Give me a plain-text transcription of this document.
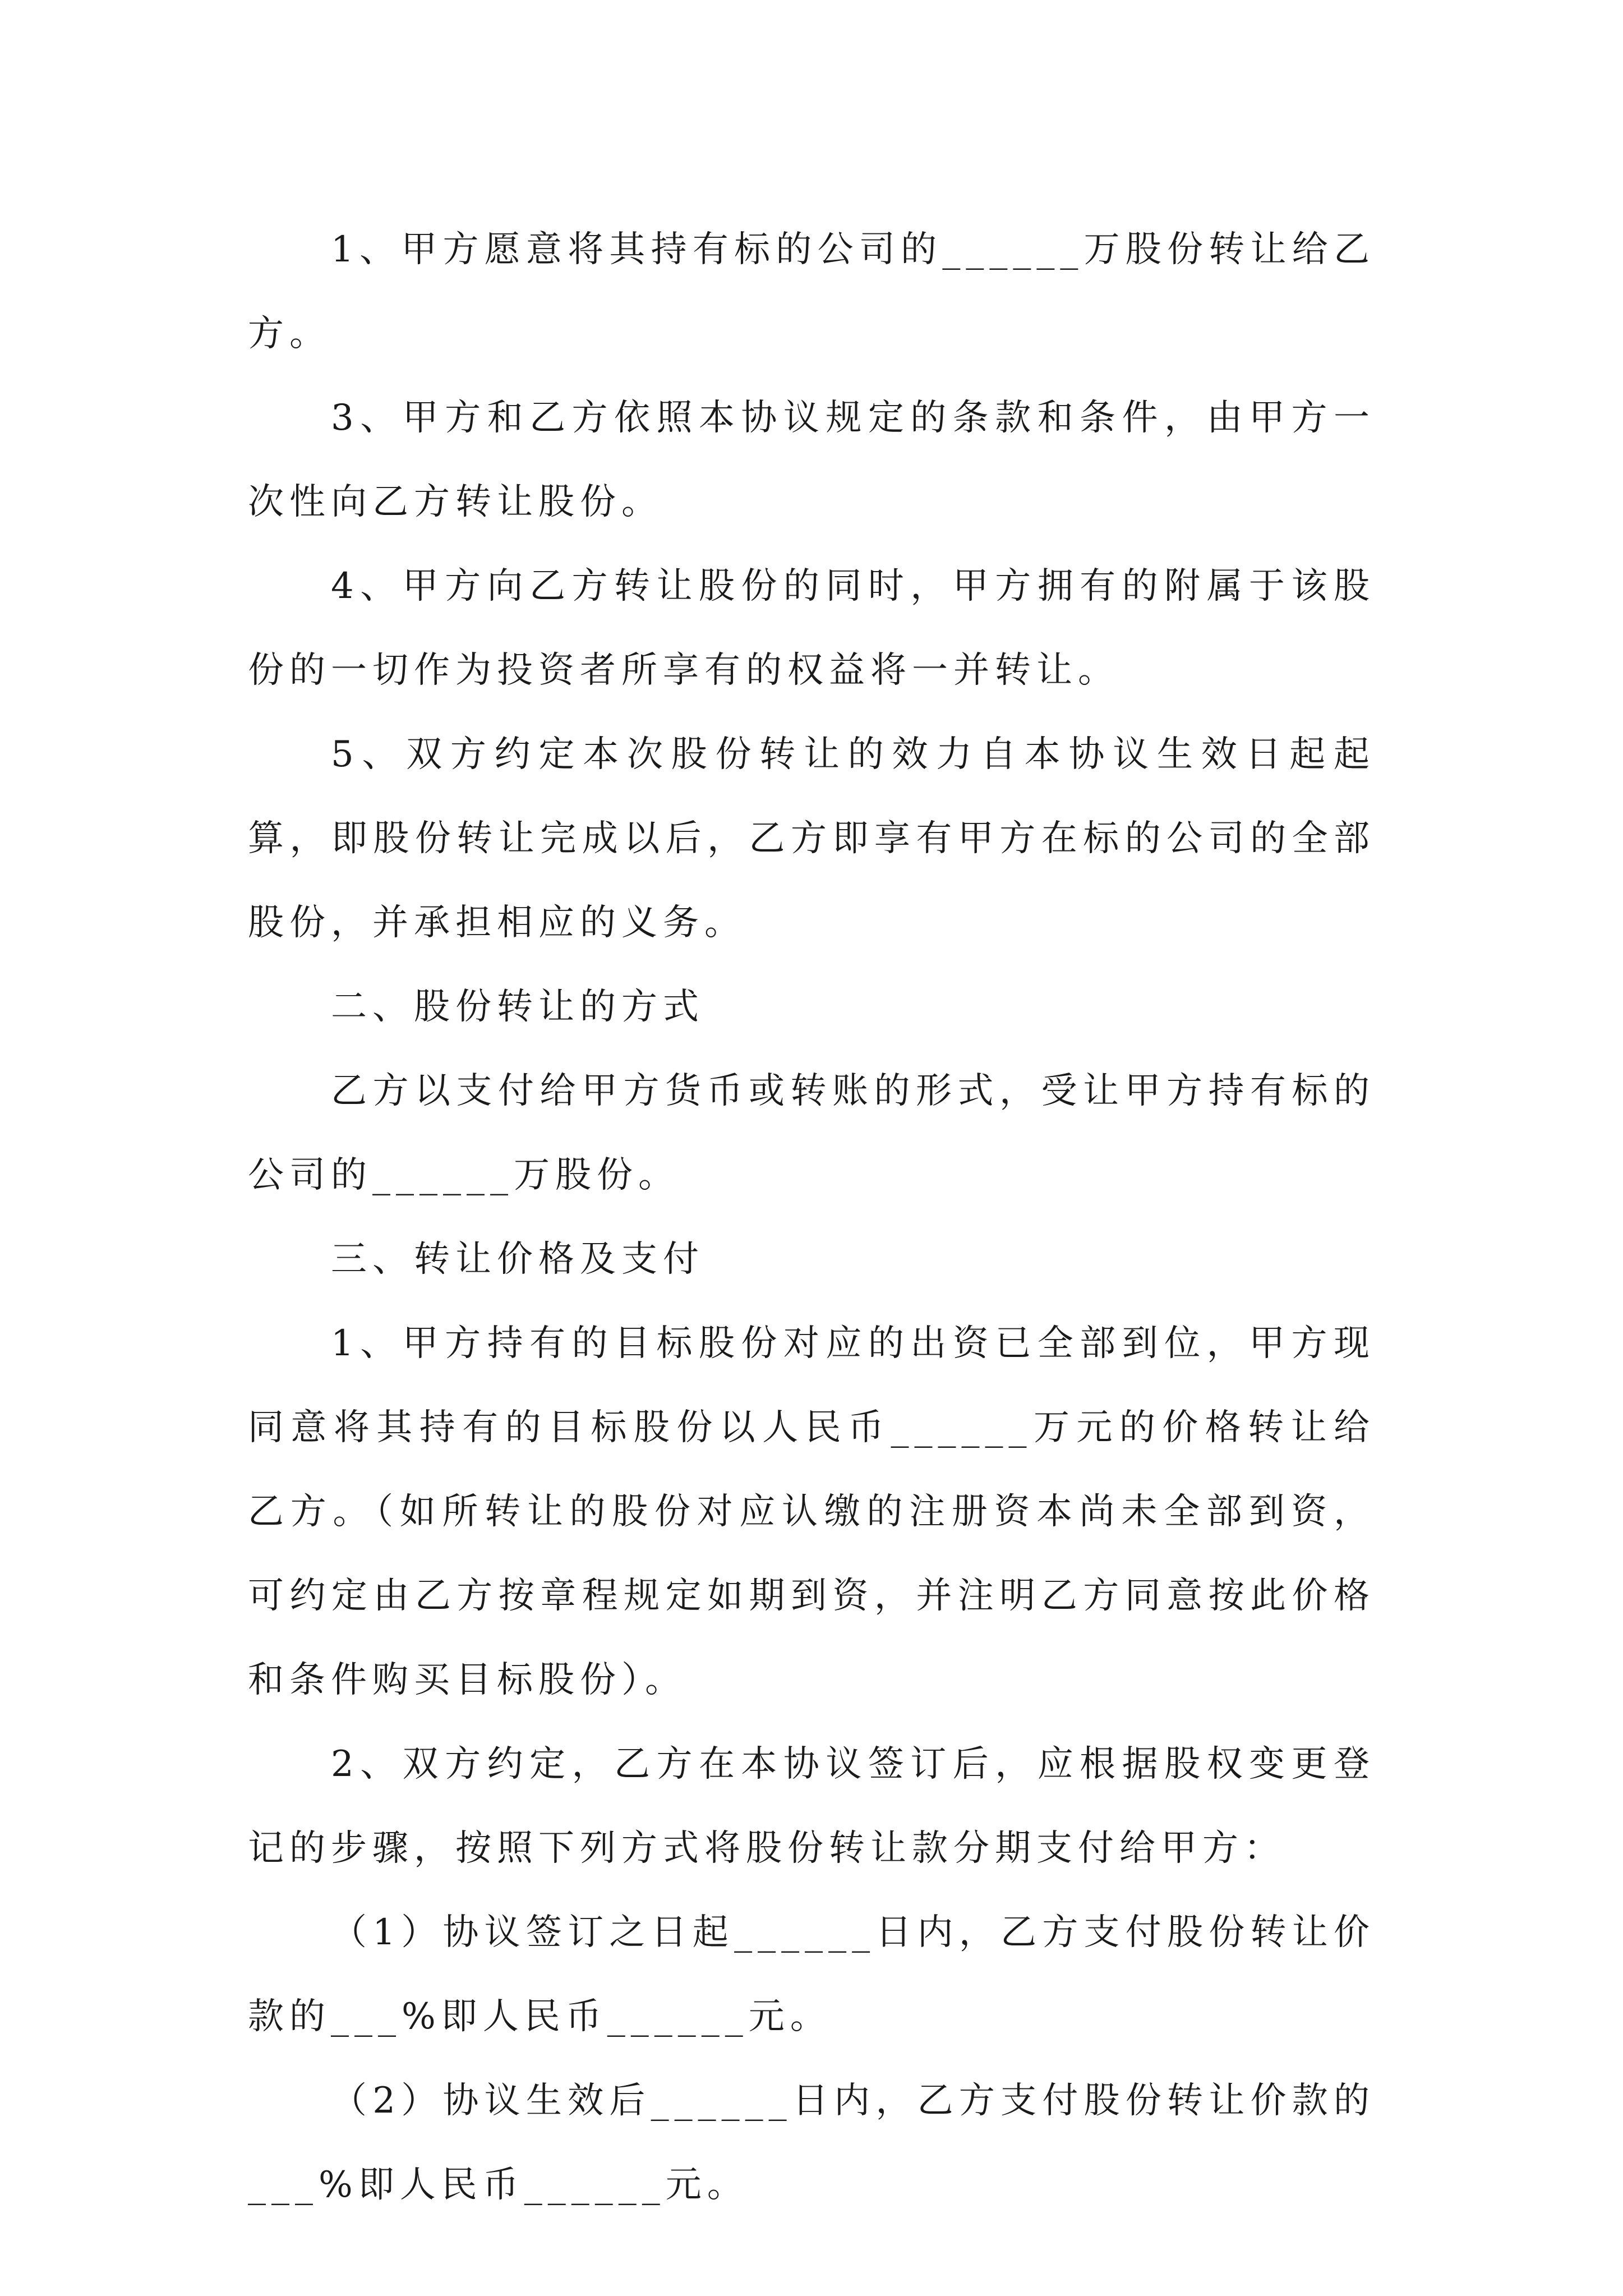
1、甲方愿意将其持有标的公司的______万股份转让给乙方。

3、甲方和乙方依照本协议规定的条款和条件，由甲方一次性向乙方转让股份。

4、甲方向乙方转让股份的同时，甲方拥有的附属于该股份的一切作为投资者所享有的权益将一并转让。

5、双方约定本次股份转让的效力自本协议生效日起起算，即股份转让完成以后，乙方即享有甲方在标的公司的全部股份，并承担相应的义务。

二、股份转让的方式

乙方以支付给甲方货币或转账的形式，受让甲方持有标的公司的______万股份。

三、转让价格及支付

1、甲方持有的目标股份对应的出资已全部到位，甲方现同意将其持有的目标股份以人民币______万元的价格转让给乙方。（如所转让的股份对应认缴的注册资本尚未全部到资，可约定由乙方按章程规定如期到资，并注明乙方同意按此价格和条件购买目标股份）。

2、双方约定，乙方在本协议签订后，应根据股权变更登记的步骤，按照下列方式将股份转让款分期支付给甲方：

（1）协议签订之日起______日内，乙方支付股份转让价款的___%即人民币______元。

（2）协议生效后______日内，乙方支付股份转让价款的___%即人民币______元。
